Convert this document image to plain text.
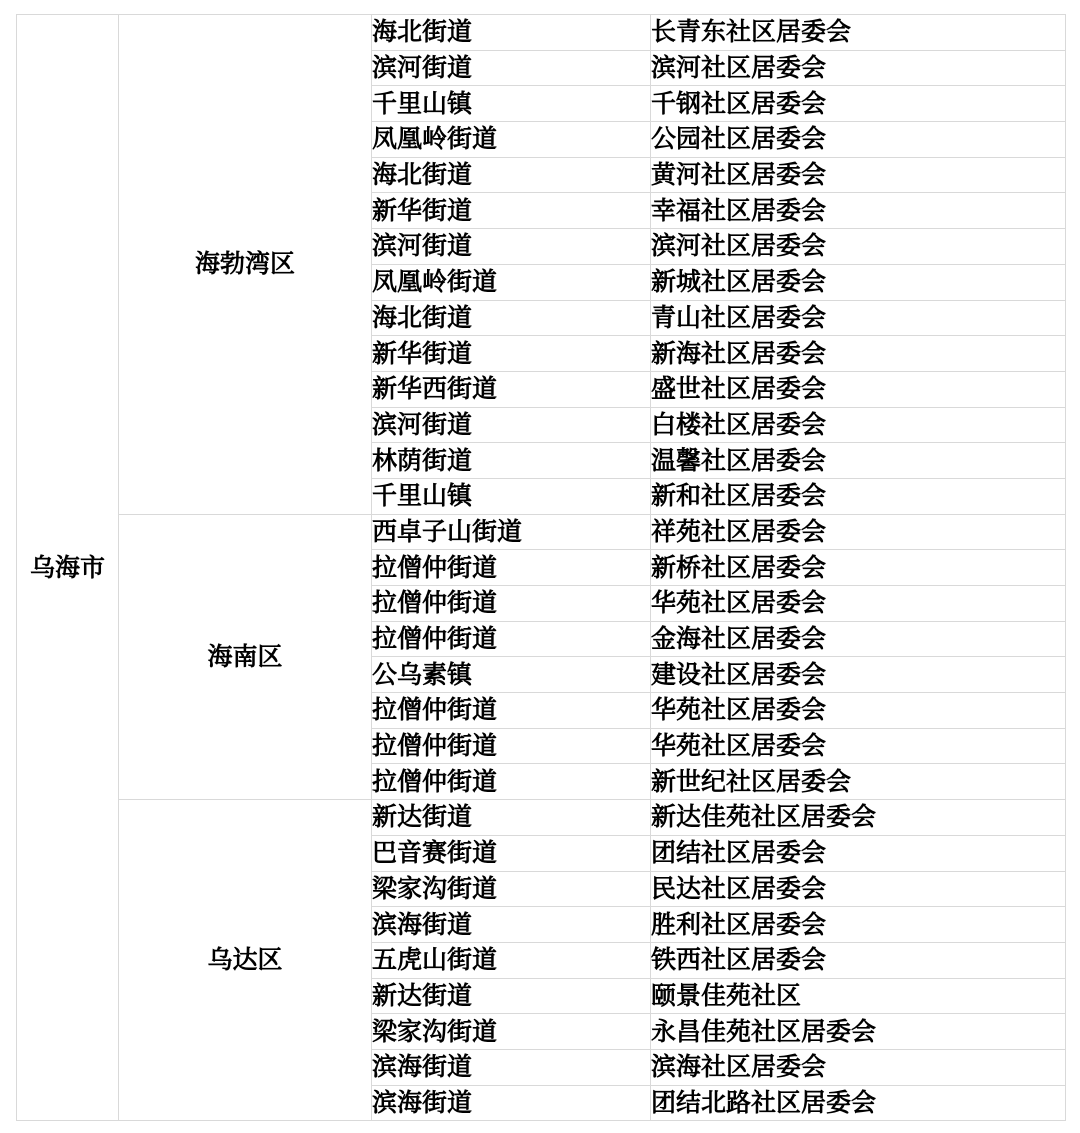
乌海市	海勃湾区	海北街道	长青东社区居委会
		滨河街道	滨河社区居委会
		千里山镇	千钢社区居委会
		凤凰岭街道	公园社区居委会
		海北街道	黄河社区居委会
		新华街道	幸福社区居委会
		滨河街道	滨河社区居委会
		凤凰岭街道	新城社区居委会
		海北街道	青山社区居委会
		新华街道	新海社区居委会
		新华西街道	盛世社区居委会
		滨河街道	白楼社区居委会
		林荫街道	温馨社区居委会
		千里山镇	新和社区居委会
	海南区	西卓子山街道	祥苑社区居委会
		拉僧仲街道	新桥社区居委会
		拉僧仲街道	华苑社区居委会
		拉僧仲街道	金海社区居委会
		公乌素镇	建设社区居委会
		拉僧仲街道	华苑社区居委会
		拉僧仲街道	华苑社区居委会
		拉僧仲街道	新世纪社区居委会
	乌达区	新达街道	新达佳苑社区居委会
		巴音赛街道	团结社区居委会
		梁家沟街道	民达社区居委会
		滨海街道	胜利社区居委会
		五虎山街道	铁西社区居委会
		新达街道	颐景佳苑社区
		梁家沟街道	永昌佳苑社区居委会
		滨海街道	滨海社区居委会
		滨海街道	团结北路社区居委会
